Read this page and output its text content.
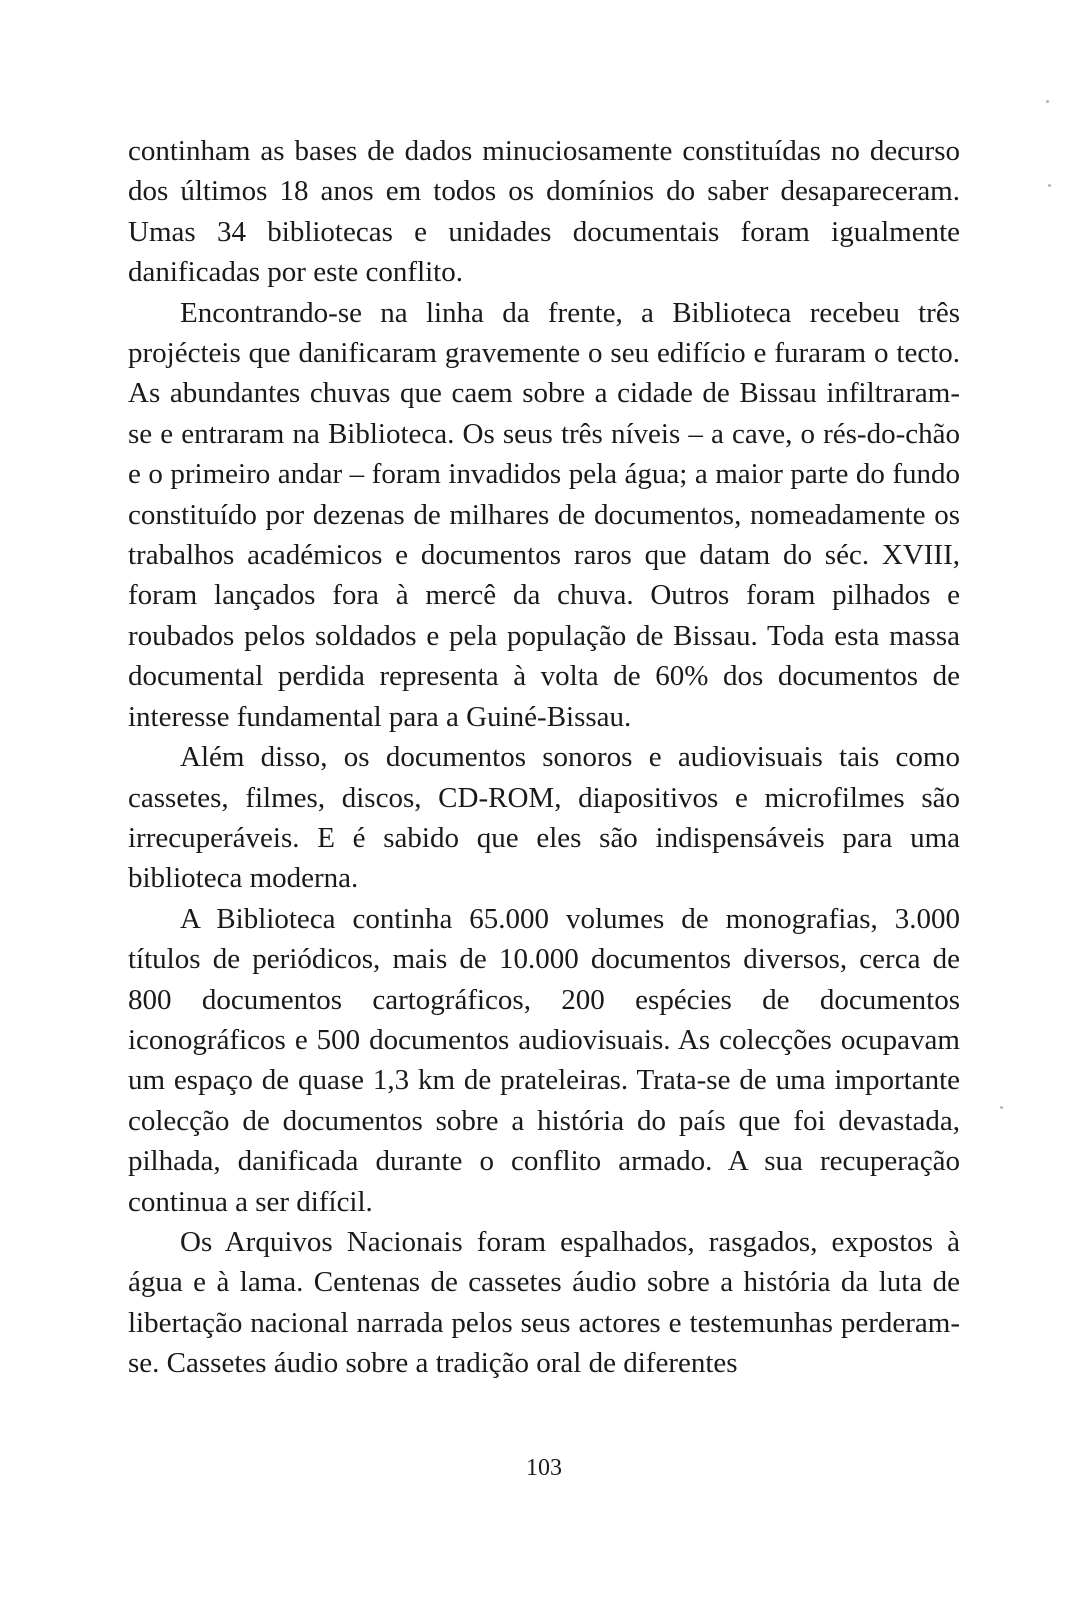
continham as bases de dados minuciosamente constituídas no decurso dos últimos 18 anos em todos os domínios do saber desapareceram. Umas 34 bibliotecas e unidades documentais foram igualmente danificadas por este conflito.

Encontrando-se na linha da frente, a Biblioteca recebeu três projécteis que danificaram gravemente o seu edifício e furaram o tecto. As abundantes chuvas que caem sobre a cidade de Bissau infiltraram-se e entraram na Biblioteca. Os seus três níveis – a cave, o rés-do-chão e o primeiro andar – foram invadidos pela água; a maior parte do fundo constituído por dezenas de milhares de documentos, nomeadamente os trabalhos académicos e documentos raros que datam do séc. XVIII, foram lançados fora à mercê da chuva. Outros foram pilhados e roubados pelos soldados e pela população de Bissau. Toda esta massa documental perdida representa à volta de 60% dos documentos de interesse fundamental para a Guiné-Bissau.

Além disso, os documentos sonoros e audiovisuais tais como cassetes, filmes, discos, CD-ROM, diapositivos e microfilmes são irrecuperáveis. E é sabido que eles são indispensáveis para uma biblioteca moderna.

A Biblioteca continha 65.000 volumes de monografias, 3.000 títulos de periódicos, mais de 10.000 documentos diversos, cerca de 800 documentos cartográficos, 200 espécies de documentos iconográficos e 500 documentos audiovisuais. As colecções ocupavam um espaço de quase 1,3 km de prateleiras. Trata-se de uma importante colecção de documentos sobre a história do país que foi devastada, pilhada, danificada durante o conflito armado. A sua recuperação continua a ser difícil.

Os Arquivos Nacionais foram espalhados, rasgados, expostos à água e à lama. Centenas de cassetes áudio sobre a história da luta de libertação nacional narrada pelos seus actores e testemunhas perderam-se. Cassetes áudio sobre a tradição oral de diferentes

103
